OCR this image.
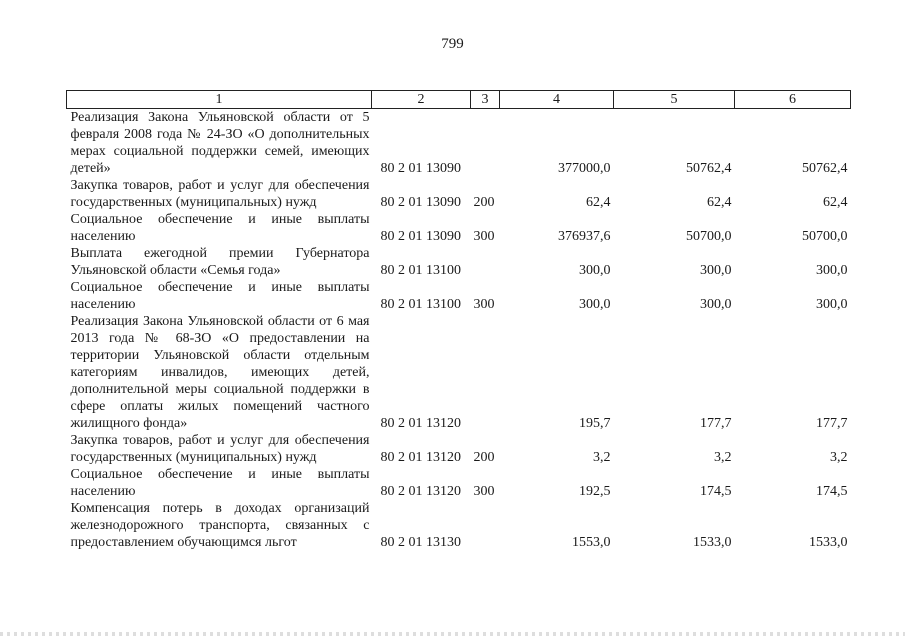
799
1	2	3	4	5	6
Реализация Закона Ульяновской области от 5 февраля 2008 года № 24-ЗО «О дополнительных мерах социальной поддержки семей, имеющих детей»	80 2 01 13090		377000,0	50762,4	50762,4
Закупка товаров, работ и услуг для обеспечения государственных (муниципальных) нужд	80 2 01 13090	200	62,4	62,4	62,4
Социальное обеспечение и иные выплаты населению	80 2 01 13090	300	376937,6	50700,0	50700,0
Выплата ежегодной премии Губернатора Ульяновской области «Семья года»	80 2 01 13100		300,0	300,0	300,0
Социальное обеспечение и иные выплаты населению	80 2 01 13100	300	300,0	300,0	300,0
Реализация Закона Ульяновской области от 6 мая 2013 года № 68-ЗО «О предоставлении на территории Ульяновской области отдельным категориям инвалидов, имеющих детей, дополнительной меры социальной поддержки в сфере оплаты жилых помещений частного жилищного фонда»	80 2 01 13120		195,7	177,7	177,7
Закупка товаров, работ и услуг для обеспечения государственных (муниципальных) нужд	80 2 01 13120	200	3,2	3,2	3,2
Социальное обеспечение и иные выплаты населению	80 2 01 13120	300	192,5	174,5	174,5
Компенсация потерь в доходах организаций железнодорожного транспорта, связанных с предоставлением обучающимся льгот	80 2 01 13130		1553,0	1533,0	1533,0
